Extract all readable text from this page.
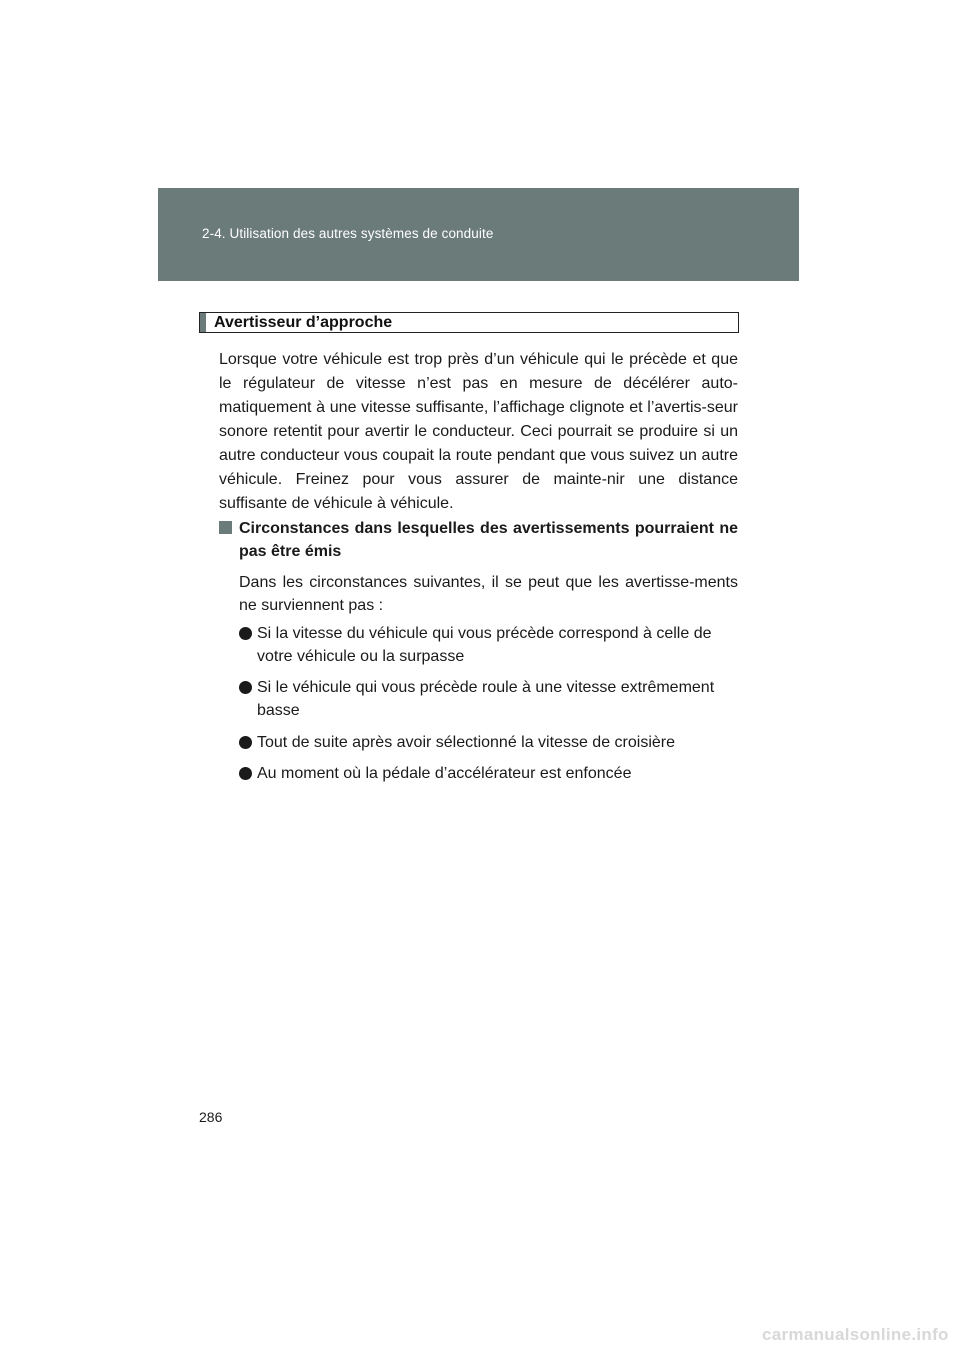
2-4. Utilisation des autres systèmes de conduite
Avertisseur d’approche

Lorsque votre véhicule est trop près d’un véhicule qui le précède et que le régulateur de vitesse n’est pas en mesure de décélérer auto-matiquement à une vitesse suffisante, l’affichage clignote et l’avertis-seur sonore retentit pour avertir le conducteur. Ceci pourrait se produire si un autre conducteur vous coupait la route pendant que vous suivez un autre véhicule. Freinez pour vous assurer de mainte-nir une distance suffisante de véhicule à véhicule.

Circonstances dans lesquelles des avertissements pourraient ne pas être émis

Dans les circonstances suivantes, il se peut que les avertisse-ments ne surviennent pas :

Si la vitesse du véhicule qui vous précède correspond à celle de votre véhicule ou la surpasse
Si le véhicule qui vous précède roule à une vitesse extrêmement basse
Tout de suite après avoir sélectionné la vitesse de croisière
Au moment où la pédale d’accélérateur est enfoncée
286
carmanualsonline.info
